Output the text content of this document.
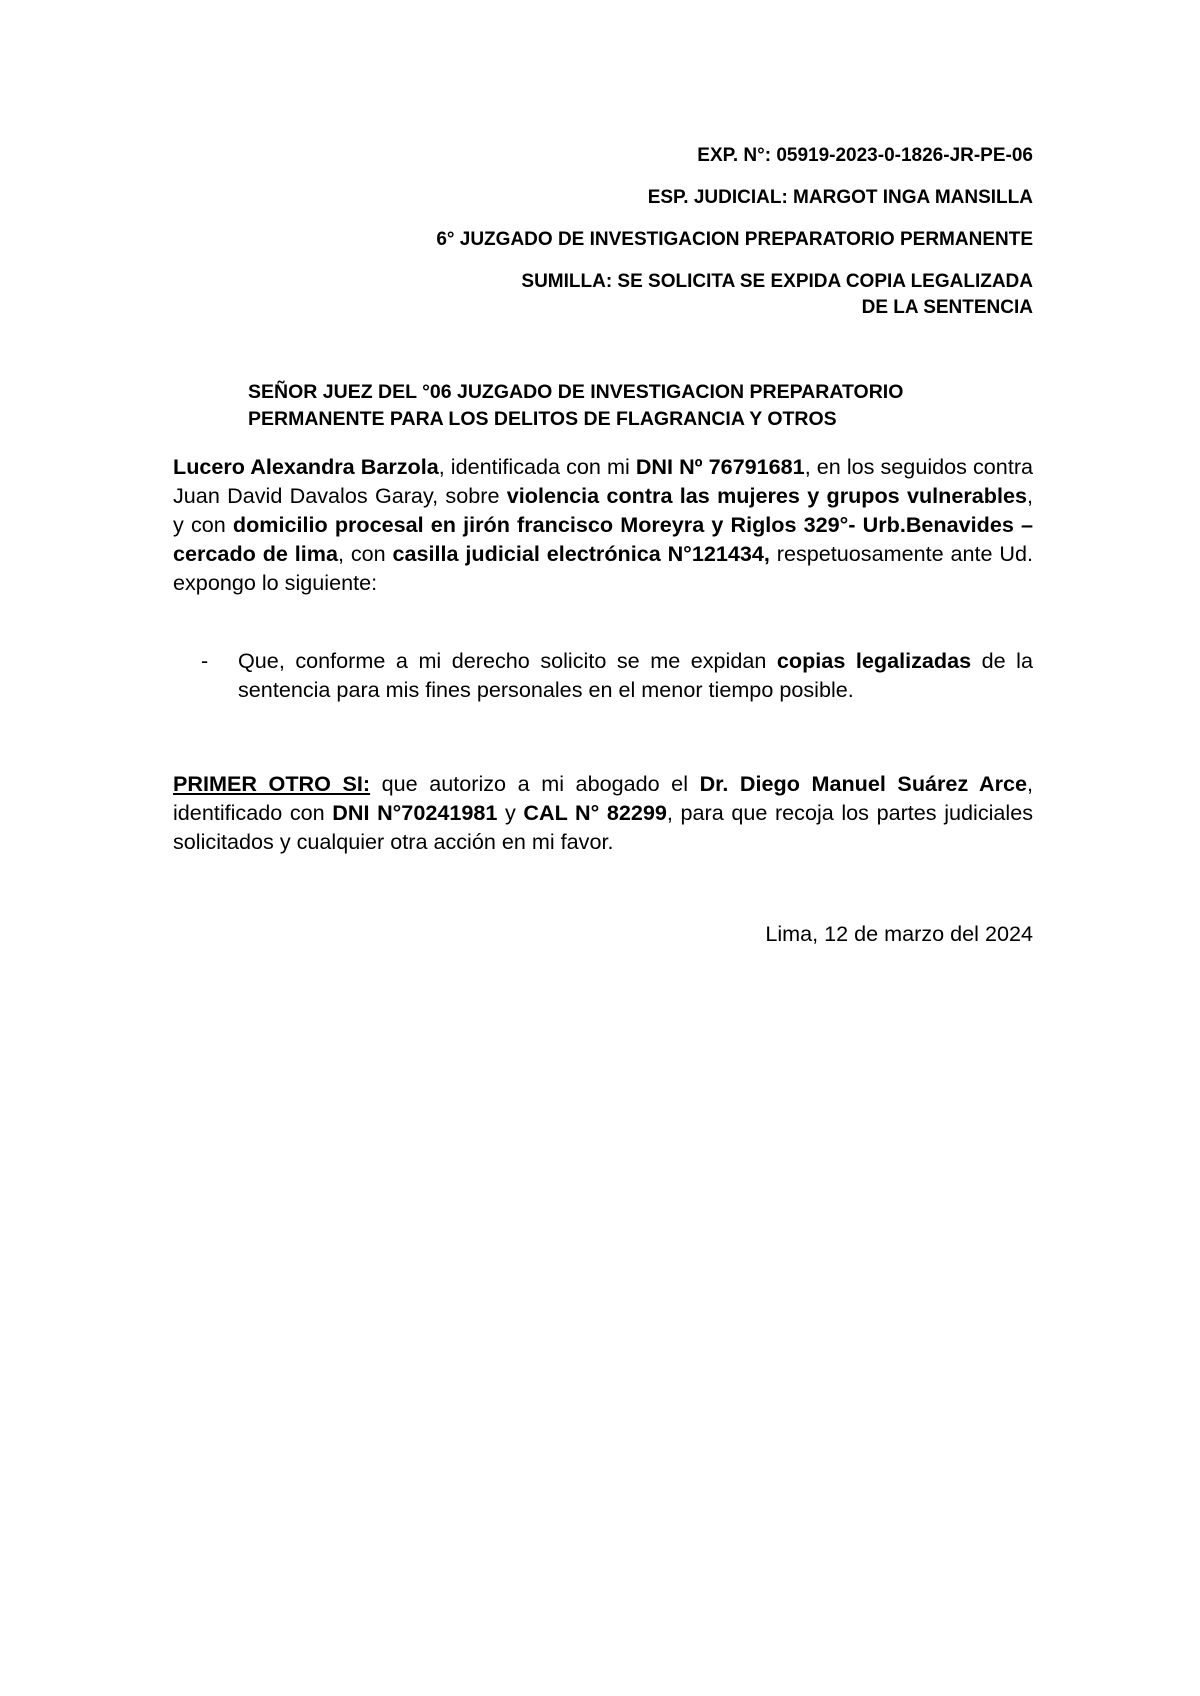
EXP. N°: 05919-2023-0-1826-JR-PE-06
ESP. JUDICIAL: MARGOT INGA MANSILLA
6° JUZGADO DE INVESTIGACION PREPARATORIO PERMANENTE
SUMILLA: SE SOLICITA SE EXPIDA COPIA LEGALIZADA
DE LA SENTENCIA
SEÑOR JUEZ DEL °06 JUZGADO DE INVESTIGACION PREPARATORIO
PERMANENTE PARA LOS DELITOS DE FLAGRANCIA Y OTROS
Lucero Alexandra Barzola, identificada con mi DNI Nº 76791681, en los seguidos contra Juan David Davalos Garay, sobre violencia contra las mujeres y grupos vulnerables, y con domicilio procesal en jirón francisco Moreyra y Riglos 329°- Urb.Benavides – cercado de lima, con casilla judicial electrónica N°121434, respetuosamente ante Ud. expongo lo siguiente:
- Que, conforme a mi derecho solicito se me expidan copias legalizadas de la sentencia para mis fines personales en el menor tiempo posible.
PRIMER OTRO SI: que autorizo a mi abogado el Dr. Diego Manuel Suárez Arce, identificado con DNI N°70241981 y CAL N° 82299, para que recoja los partes judiciales solicitados y cualquier otra acción en mi favor.
Lima, 12 de marzo del 2024
